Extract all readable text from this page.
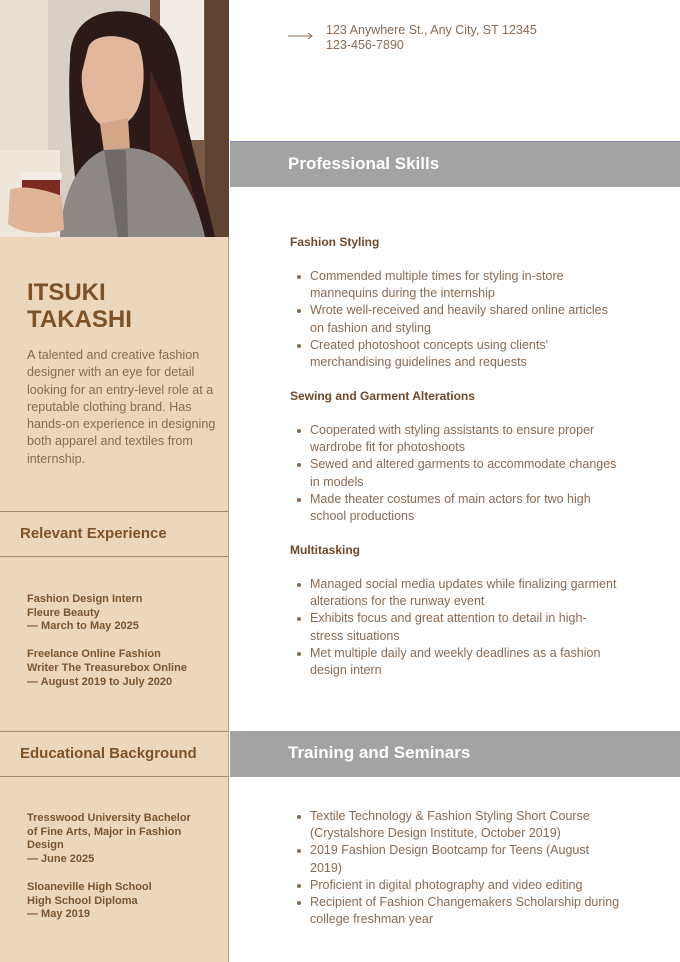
ITSUKI
TAKASHI

A talented and creative fashion designer with an eye for detail looking for an entry-level role at a reputable clothing brand. Has hands-on experience in designing both apparel and textiles from internship.

Relevant Experience
Fashion Design Intern
Fleure Beauty
— March to May 2025
Freelance Online Fashion
Writer The Treasurebox Online
— August 2019 to July 2020
Educational Background
Tresswood University Bachelor
of Fine Arts, Major in Fashion
Design
— June 2025
Sloaneville High School
High School Diploma
— May 2019
123 Anywhere St., Any City, ST 12345
123-456-7890
Professional Skills
Fashion Styling
Commended multiple times for styling in-store
mannequins during the internship
Wrote well-received and heavily shared online articles
on fashion and styling
Created photoshoot concepts using clients'
merchandising guidelines and requests
Sewing and Garment Alterations
Cooperated with styling assistants to ensure proper
wardrobe fit for photoshoots
Sewed and altered garments to accommodate changes
in models
Made theater costumes of main actors for two high
school productions
Multitasking
Managed social media updates while finalizing garment
alterations for the runway event
Exhibits focus and great attention to detail in high-
stress situations
Met multiple daily and weekly deadlines as a fashion
design intern
Training and Seminars
Textile Technology & Fashion Styling Short Course
(Crystalshore Design Institute, October 2019)
2019 Fashion Design Bootcamp for Teens (August
2019)
Proficient in digital photography and video editing
Recipient of Fashion Changemakers Scholarship during
college freshman year
